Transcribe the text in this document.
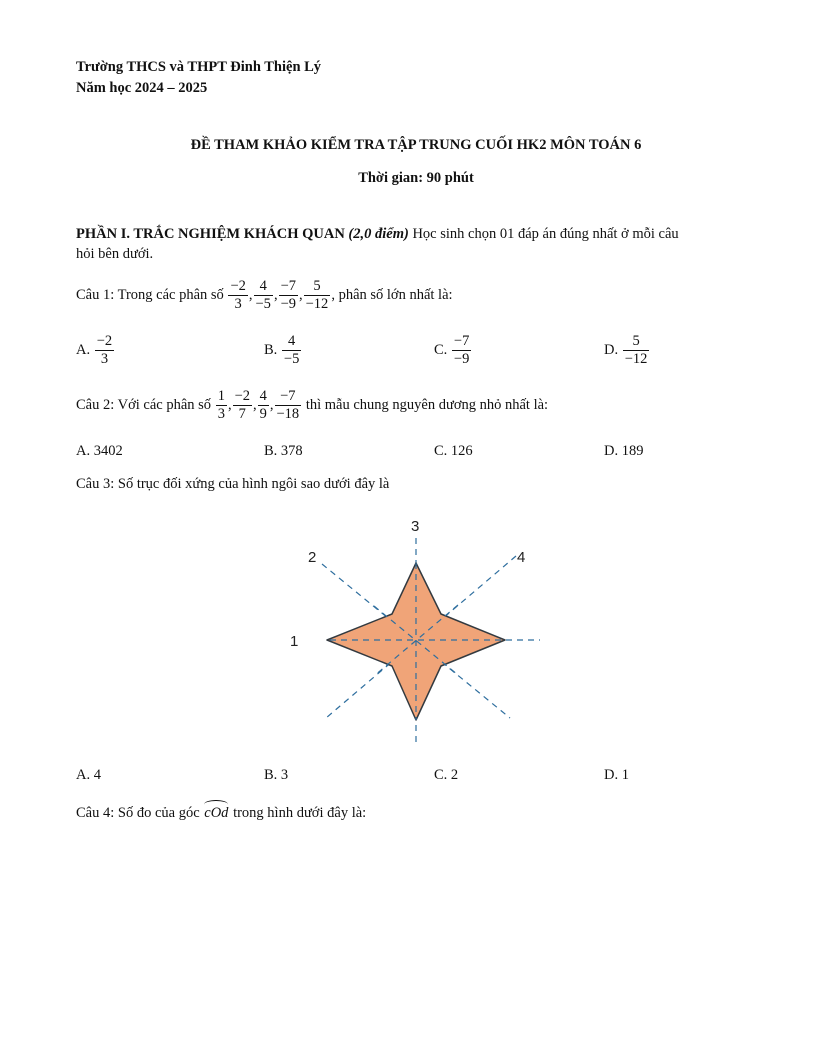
Trường THCS và THPT Đinh Thiện Lý
Năm học 2024 – 2025
ĐỀ THAM KHẢO KIỂM TRA TẬP TRUNG CUỐI HK2 MÔN TOÁN 6
Thời gian: 90 phút
PHẦN I. TRẮC NGHIỆM KHÁCH QUAN (2,0 điểm) Học sinh chọn 01 đáp án đúng nhất ở mỗi câu
hỏi bên dưới.
Câu 1: Trong các phân số
$\frac{-2}{3}$ , $\frac{4}{-5}$ , $\frac{-7}{-9}$ , $\frac{5}{-12}$ , phân số lớn nhất là:
A.
$\frac{-2}{3}$	B.
$\frac{4}{-5}$	C.
$\frac{-7}{-9}$	D.
$\frac{5}{-12}$
Câu 2: Với các phân số
$\frac{1}{3}$ , $\frac{-2}{7}$ , $\frac{4}{9}$ , $\frac{-7}{-18}$
thì mẫu chung nguyên dương nhỏ nhất là:
A. 3402	B. 378	C. 126	D. 189
Câu 3: Số trục đối xứng của hình ngôi sao dưới đây là
1
2
3
4
A. 4	B. 3	C. 2	D. 1
Câu 4: Số đo của góc cOd trong hình dưới đây là:
